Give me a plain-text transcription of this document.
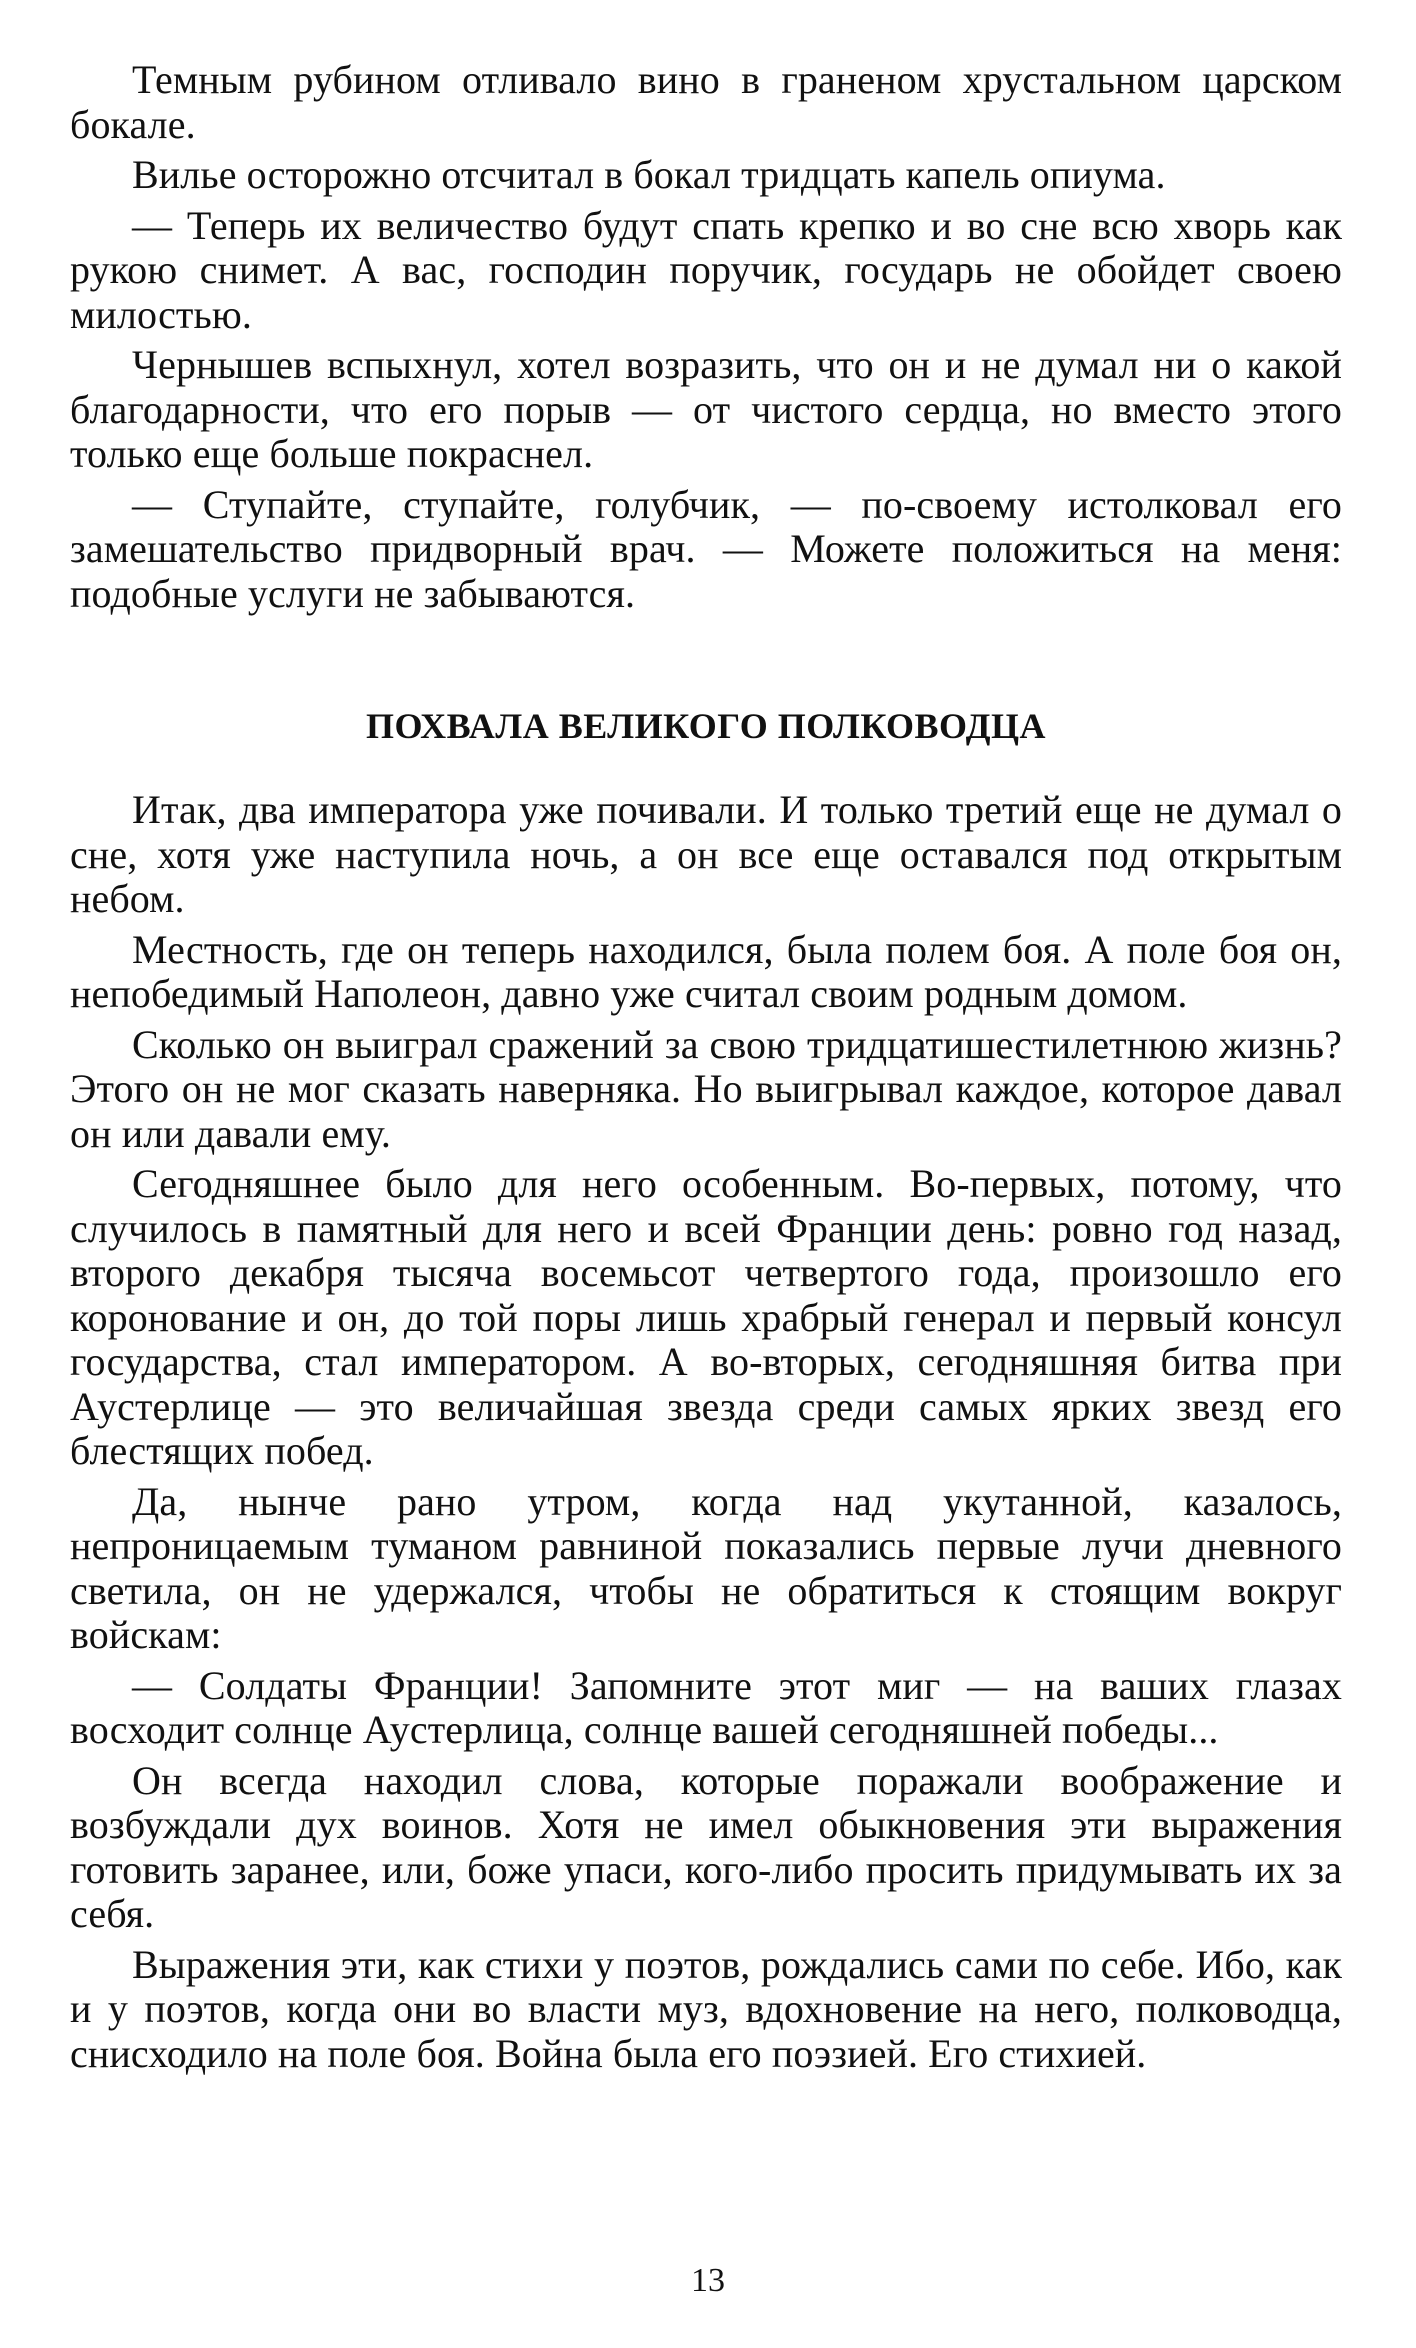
Темным рубином отливало вино в граненом хрустальном царском бокале.

Вилье осторожно отсчитал в бокал тридцать капель опиума.

— Теперь их величество будут спать крепко и во сне всю хворь как рукою снимет. А вас, господин поручик, государь не обойдет своею милостью.

Чернышев вспыхнул, хотел возразить, что он и не думал ни о какой благодарности, что его порыв — от чистого сердца, но вместо этого только еще больше покраснел.

— Ступайте, ступайте, голубчик, — по-своему истолковал его замешательство придворный врач. — Можете положиться на меня: подобные услуги не забываются.

ПОХВАЛА ВЕЛИКОГО ПОЛКОВОДЦА

Итак, два императора уже почивали. И только третий еще не думал о сне, хотя уже наступила ночь, а он все еще оставался под открытым небом.

Местность, где он теперь находился, была полем боя. А поле боя он, непобедимый Наполеон, давно уже считал своим родным домом.

Сколько он выиграл сражений за свою тридцатишестилетнюю жизнь? Этого он не мог сказать наверняка. Но выигрывал каждое, которое давал он или давали ему.

Сегодняшнее было для него особенным. Во-первых, потому, что случилось в памятный для него и всей Франции день: ровно год назад, второго декабря тысяча восемьсот четвертого года, произошло его коронование и он, до той поры лишь храбрый генерал и первый консул государства, стал императором. А во-вторых, сегодняшняя битва при Аустерлице — это величайшая звезда среди самых ярких звезд его блестящих побед.

Да, нынче рано утром, когда над укутанной, казалось, непроницаемым туманом равниной показались первые лучи дневного светила, он не удержался, чтобы не обратиться к стоящим вокруг войскам:

— Солдаты Франции! Запомните этот миг — на ваших глазах восходит солнце Аустерлица, солнце вашей сегодняшней победы...

Он всегда находил слова, которые поражали воображение и возбуждали дух воинов. Хотя не имел обыкновения эти выражения готовить заранее, или, боже упаси, кого-либо просить придумывать их за себя.

Выражения эти, как стихи у поэтов, рождались сами по себе. Ибо, как и у поэтов, когда они во власти муз, вдохновение на него, полководца, снисходило на поле боя. Война была его поэзией. Его стихией.

13
